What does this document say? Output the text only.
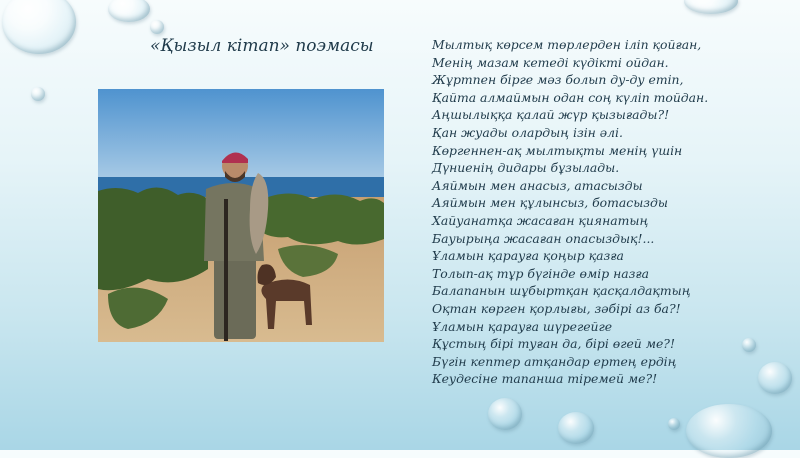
«Қызыл кітап» поэмасы	Мылтық көрсем төрлерден іліп қойған,
Менің мазам кетеді күдікті ойдан.
Жұртпен бірге мәз болып ду-ду етіп,
Қайта алмаймын одан соң күліп тойдан.
Аңшылыққа қалай жүр қызығады?!
Қан жуады олардың ізін әлі.
Көргеннен-ақ мылтықты менің үшін
Дүниенің дидары бұзылады.
Аяймын мен анасыз, атасызды
Аяймын мен құлынсыз, ботасызды
Хайуанатқа жасаған қиянатың
Бауырыңа жасаған опасыздық!...
Ұламын қарауға қоңыр қазға
Толып-ақ тұр бүгінде өмір назға
Балапанын шұбыртқан қасқалдақтың
Оқтан көрген қорлығы, зәбірі аз ба?!
Ұламын қарауға шүрегейге
Құстың бірі туған да, бірі өгей ме?!
Бүгін кептер атқандар ертең ердің
Кеудесіне тапанша тіремей ме?!
